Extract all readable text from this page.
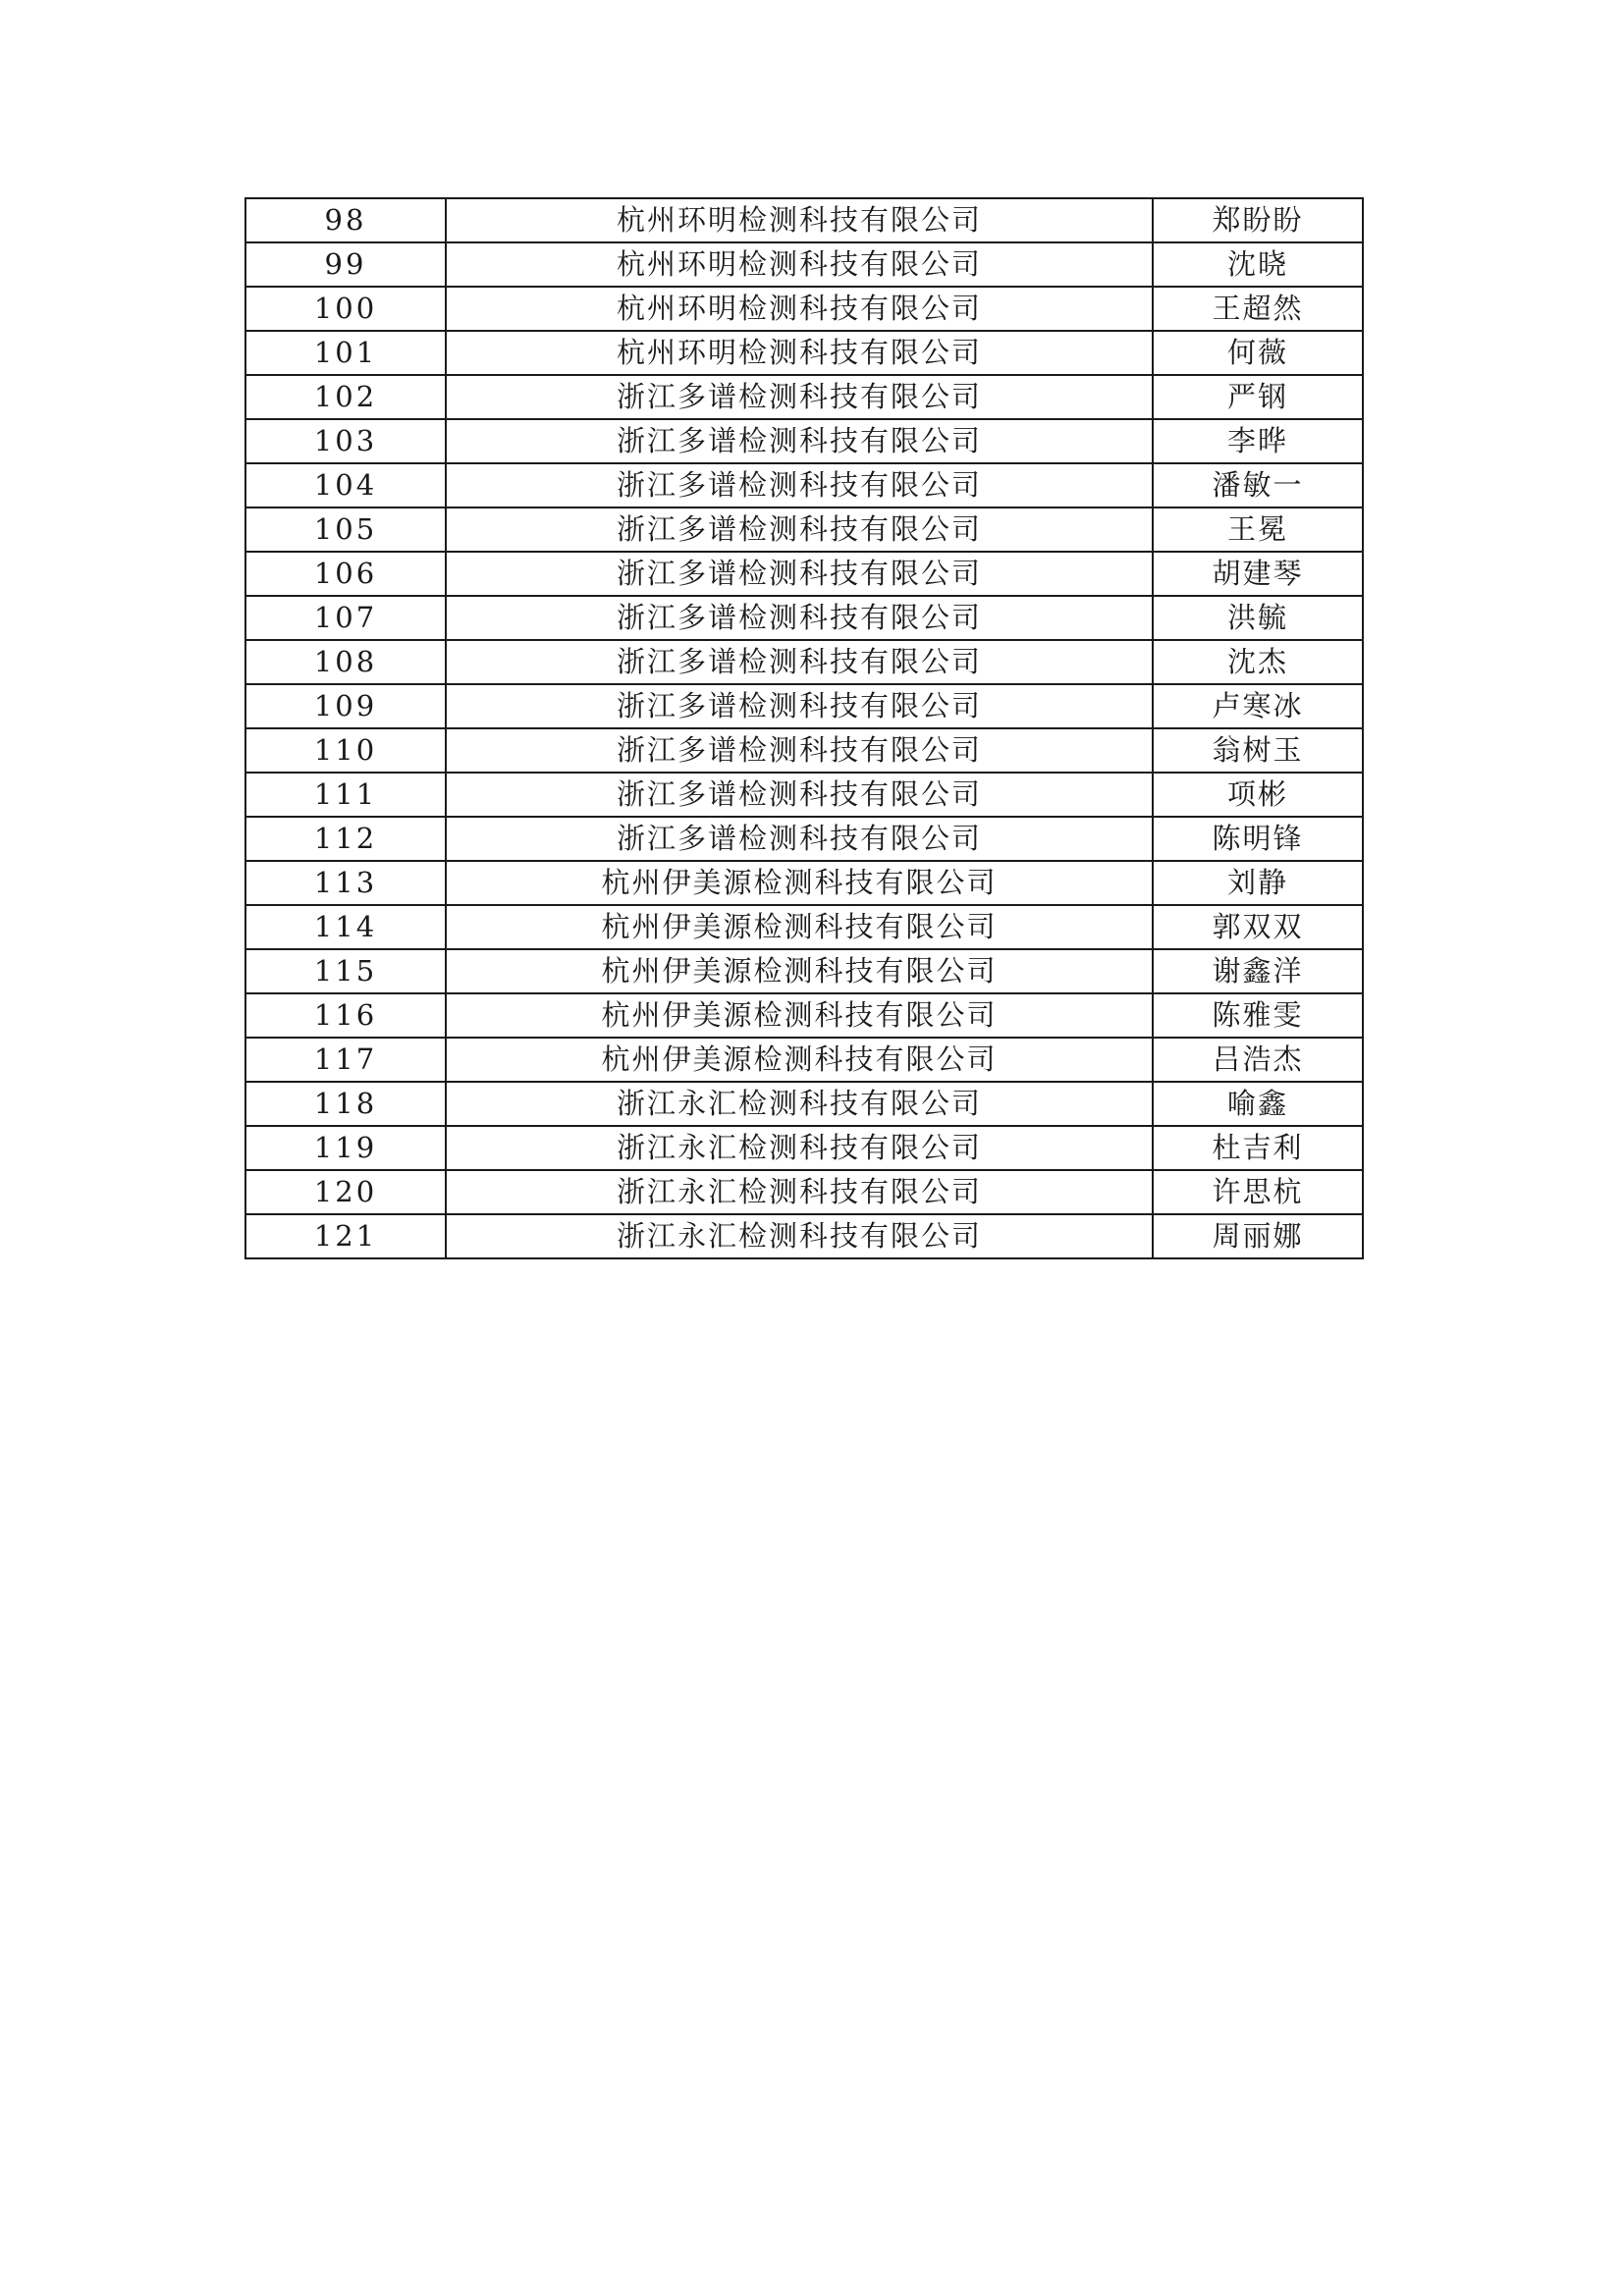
98	杭州环明检测科技有限公司	郑盼盼
99	杭州环明检测科技有限公司	沈晓
100	杭州环明检测科技有限公司	王超然
101	杭州环明检测科技有限公司	何薇
102	浙江多谱检测科技有限公司	严钢
103	浙江多谱检测科技有限公司	李晔
104	浙江多谱检测科技有限公司	潘敏一
105	浙江多谱检测科技有限公司	王冕
106	浙江多谱检测科技有限公司	胡建琴
107	浙江多谱检测科技有限公司	洪毓
108	浙江多谱检测科技有限公司	沈杰
109	浙江多谱检测科技有限公司	卢寒冰
110	浙江多谱检测科技有限公司	翁树玉
111	浙江多谱检测科技有限公司	项彬
112	浙江多谱检测科技有限公司	陈明锋
113	杭州伊美源检测科技有限公司	刘静
114	杭州伊美源检测科技有限公司	郭双双
115	杭州伊美源检测科技有限公司	谢鑫洋
116	杭州伊美源检测科技有限公司	陈雅雯
117	杭州伊美源检测科技有限公司	吕浩杰
118	浙江永汇检测科技有限公司	喻鑫
119	浙江永汇检测科技有限公司	杜吉利
120	浙江永汇检测科技有限公司	许思杭
121	浙江永汇检测科技有限公司	周丽娜
